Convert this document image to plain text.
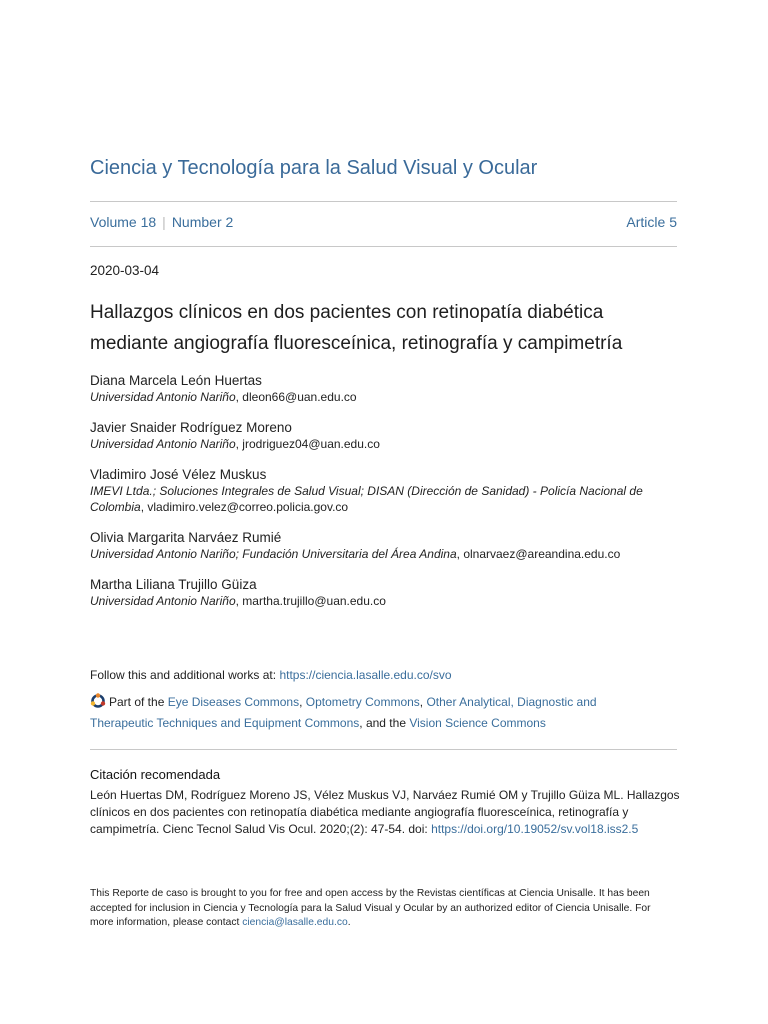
Ciencia y Tecnología para la Salud Visual y Ocular
Volume 18 | Number 2	Article 5
2020-03-04
Hallazgos clínicos en dos pacientes con retinopatía diabética
mediante angiografía fluoresceínica, retinografía y campimetría
Diana Marcela León Huertas
Universidad Antonio Nariño, dleon66@uan.edu.co
Javier Snaider Rodríguez Moreno
Universidad Antonio Nariño, jrodriguez04@uan.edu.co
Vladimiro José Vélez Muskus
IMEVI Ltda.; Soluciones Integrales de Salud Visual; DISAN (Dirección de Sanidad) - Policía Nacional de Colombia, vladimiro.velez@correo.policia.gov.co
Olivia Margarita Narváez Rumié
Universidad Antonio Nariño; Fundación Universitaria del Área Andina, olnarvaez@areandina.edu.co
Martha Liliana Trujillo Güiza
Universidad Antonio Nariño, martha.trujillo@uan.edu.co
Follow this and additional works at: https://ciencia.lasalle.edu.co/svo
Part of the Eye Diseases Commons, Optometry Commons, Other Analytical, Diagnostic and Therapeutic Techniques and Equipment Commons, and the Vision Science Commons
Citación recomendada
León Huertas DM, Rodríguez Moreno JS, Vélez Muskus VJ, Narváez Rumié OM y Trujillo Güiza ML. Hallazgos clínicos en dos pacientes con retinopatía diabética mediante angiografía fluoresceínica, retinografía y campimetría. Cienc Tecnol Salud Vis Ocul. 2020;(2): 47-54. doi: https://doi.org/10.19052/sv.vol18.iss2.5
This Reporte de caso is brought to you for free and open access by the Revistas científicas at Ciencia Unisalle. It has been accepted for inclusion in Ciencia y Tecnología para la Salud Visual y Ocular by an authorized editor of Ciencia Unisalle. For more information, please contact ciencia@lasalle.edu.co.
